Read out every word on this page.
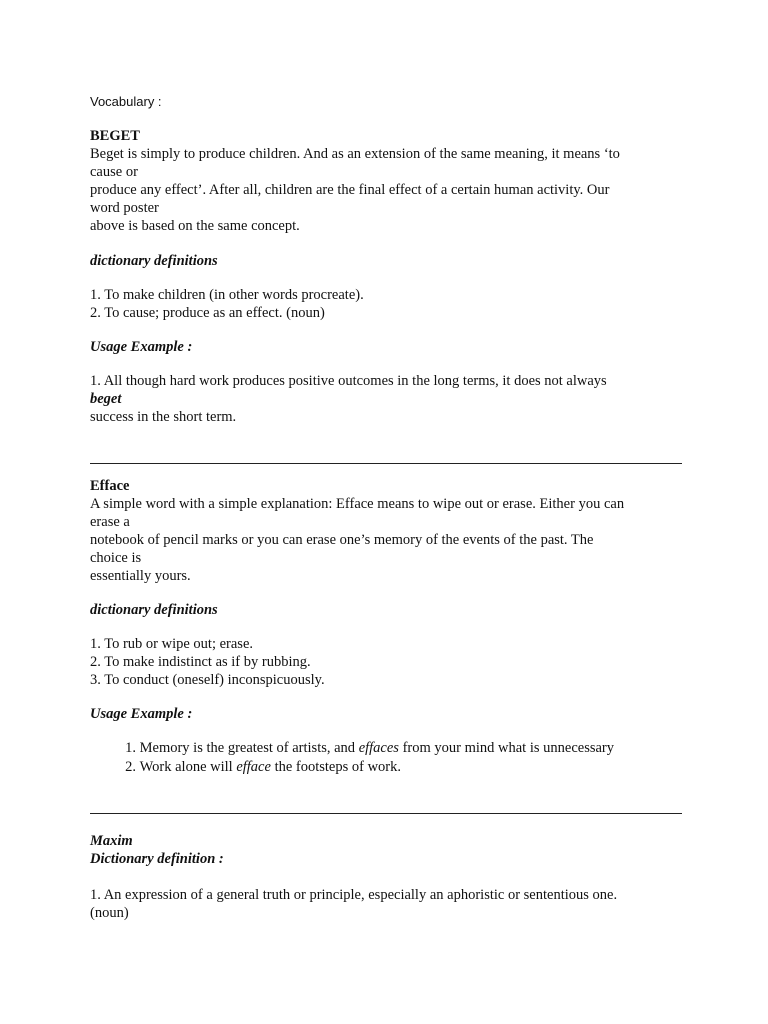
Vocabulary :
BEGET
Beget is simply to produce children. And as an extension of the same meaning, it means ‘to
cause or
produce any effect’. After all, children are the final effect of a certain human activity. Our
word poster
above is based on the same concept.
dictionary definitions
1. To make children (in other words procreate).
2. To cause; produce as an effect. (noun)
Usage Example :
1. All though hard work produces positive outcomes in the long terms, it does not always
beget
success in the short term.
Efface
A simple word with a simple explanation: Efface means to wipe out or erase. Either you can
erase a
notebook of pencil marks or you can erase one’s memory of the events of the past. The
choice is
essentially yours.
dictionary definitions
1. To rub or wipe out; erase.
2. To make indistinct as if by rubbing.
3. To conduct (oneself) inconspicuously.
Usage Example :
1. Memory is the greatest of artists, and effaces from your mind what is unnecessary
2. Work alone will efface the footsteps of work.
Maxim
Dictionary definition :
1. An expression of a general truth or principle, especially an aphoristic or sententious one.
(noun)
